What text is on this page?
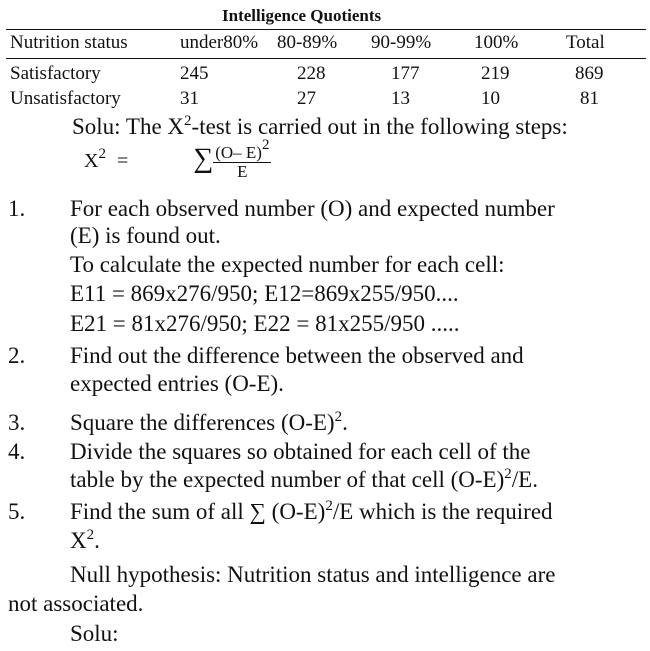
Intelligence Quotients
Nutrition status	under80% 80-89% 90-99% 100%	Total
Satisfactory	245	228	177	219	869
Unsatisfactory	31	27	13	10	81
Solu: The $X^2$-test is carried out in the following steps:
$X^2$ = ∑ $\frac{(O- E)^2}{E}$
1. For each observed number (O) and expected number
(E) is found out.
To calculate the expected number for each cell:
E11 = 869x276/950; E12=869x255/950....
E21 = 81x276/950; E22 = 81x255/950 .....
2. Find out the difference between the observed and
expected entries (O-E).
3. Square the differences $(O-E)^2$.
4. Divide the squares so obtained for each cell of the
table by the expected number of that cell $(O-E)^2/E$.
5. Find the sum of all ∑ $(O-E)^2/E$ which is the required
$X^2$.
Null hypothesis: Nutrition status and intelligence are
not associated.
Solu:
